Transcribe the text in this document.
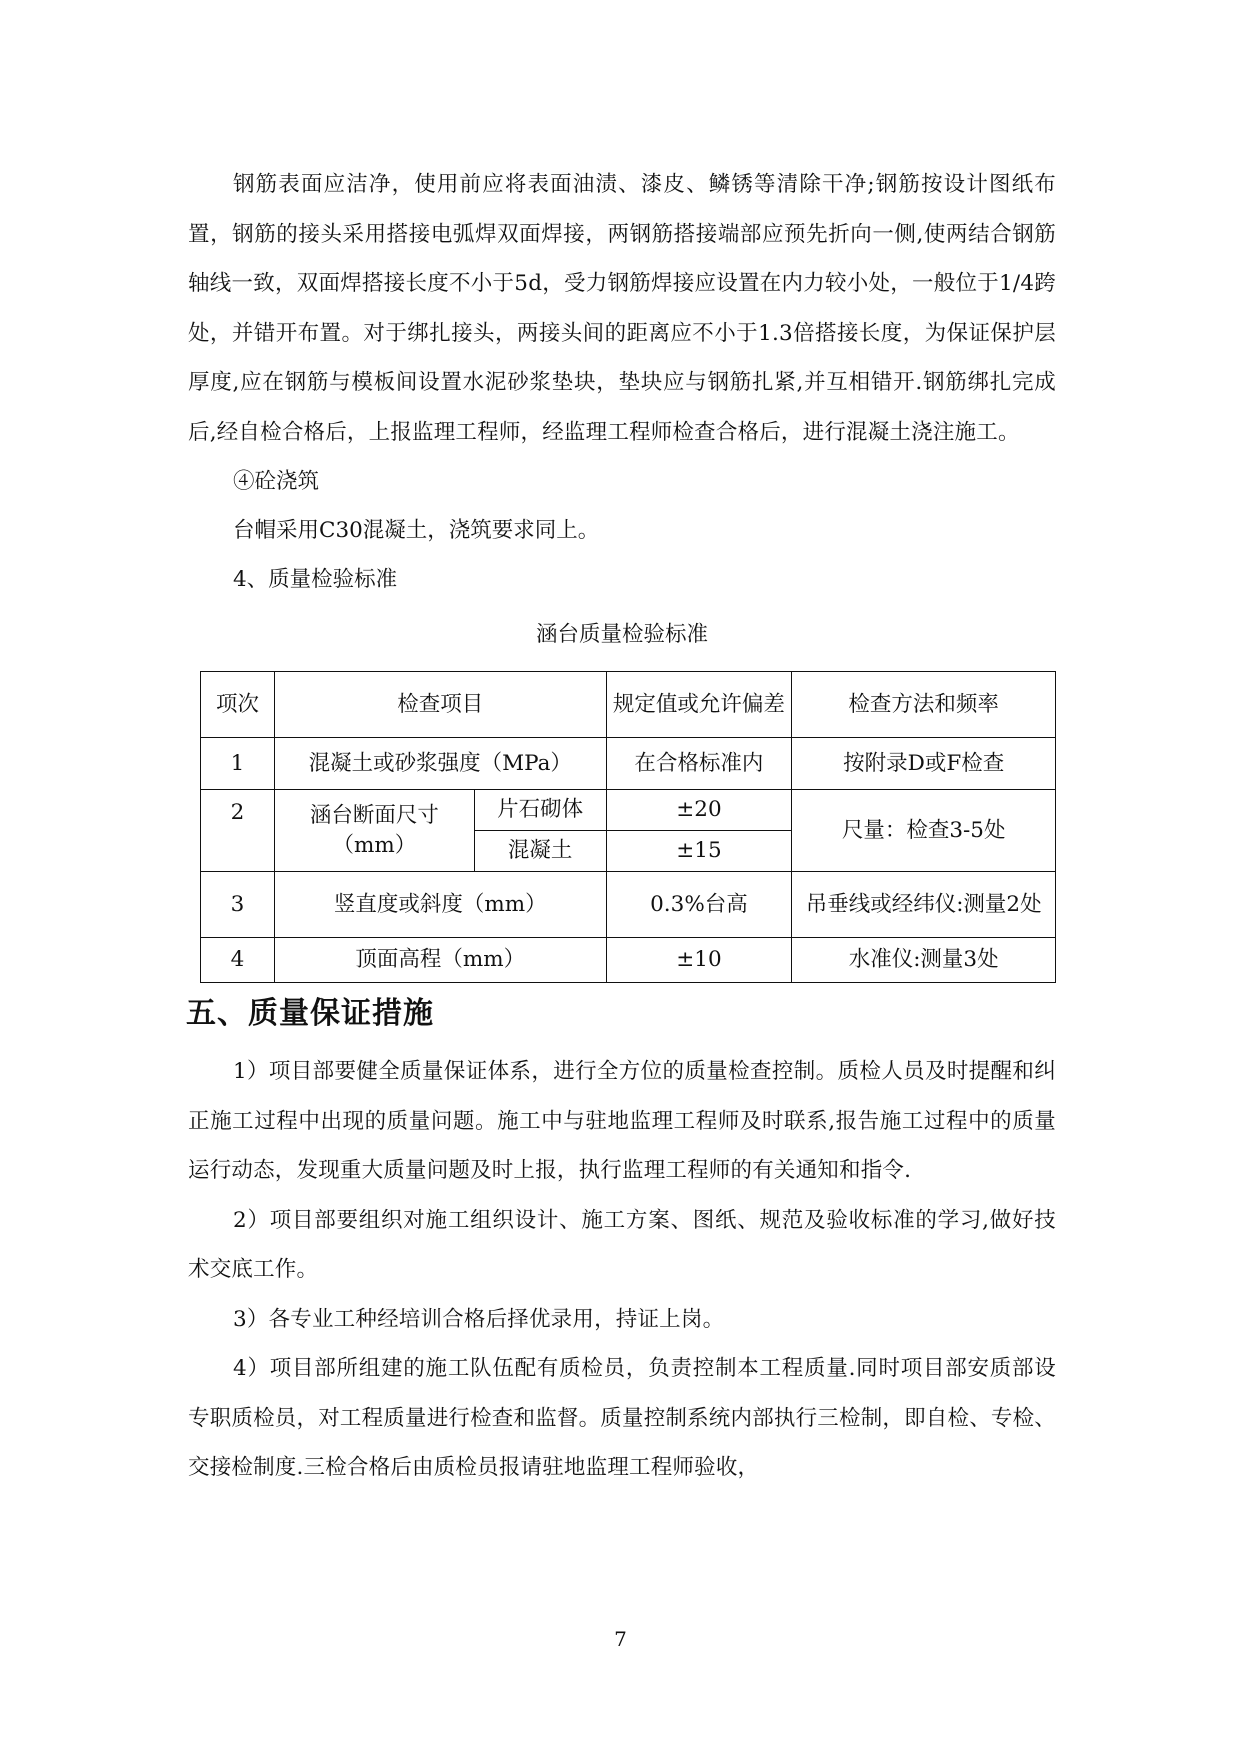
钢筋表面应洁净，使用前应将表面油渍、漆皮、鳞锈等清除干净;钢筋按设计图纸布置，钢筋的接头采用搭接电弧焊双面焊接，两钢筋搭接端部应预先折向一侧,使两结合钢筋轴线一致，双面焊搭接长度不小于5d，受力钢筋焊接应设置在内力较小处，一般位于1/4跨处，并错开布置。对于绑扎接头，两接头间的距离应不小于1.3倍搭接长度，为保证保护层厚度,应在钢筋与模板间设置水泥砂浆垫块，垫块应与钢筋扎紧,并互相错开.钢筋绑扎完成后,经自检合格后，上报监理工程师，经监理工程师检查合格后，进行混凝土浇注施工。

④砼浇筑

台帽采用C30混凝土，浇筑要求同上。

4、质量检验标准

涵台质量检验标准
项次	检查项目		规定值或允许偏差	检查方法和频率
1	混凝土或砂浆强度（MPa）		在合格标准内	按附录D或F检查
2	涵台断面尺寸（mm）	片石砌体	±20	尺量：检查3-5处
		混凝土	±15	
3	竖直度或斜度（mm）		0.3%台高	吊垂线或经纬仪:测量2处
4	顶面高程（mm）		±10	水准仪:测量3处
五、质量保证措施

1）项目部要健全质量保证体系，进行全方位的质量检查控制。质检人员及时提醒和纠正施工过程中出现的质量问题。施工中与驻地监理工程师及时联系,报告施工过程中的质量运行动态，发现重大质量问题及时上报，执行监理工程师的有关通知和指令.

2）项目部要组织对施工组织设计、施工方案、图纸、规范及验收标准的学习,做好技术交底工作。

3）各专业工种经培训合格后择优录用，持证上岗。

4）项目部所组建的施工队伍配有质检员，负责控制本工程质量.同时项目部安质部设专职质检员，对工程质量进行检查和监督。质量控制系统内部执行三检制，即自检、专检、交接检制度.三检合格后由质检员报请驻地监理工程师验收，

7
